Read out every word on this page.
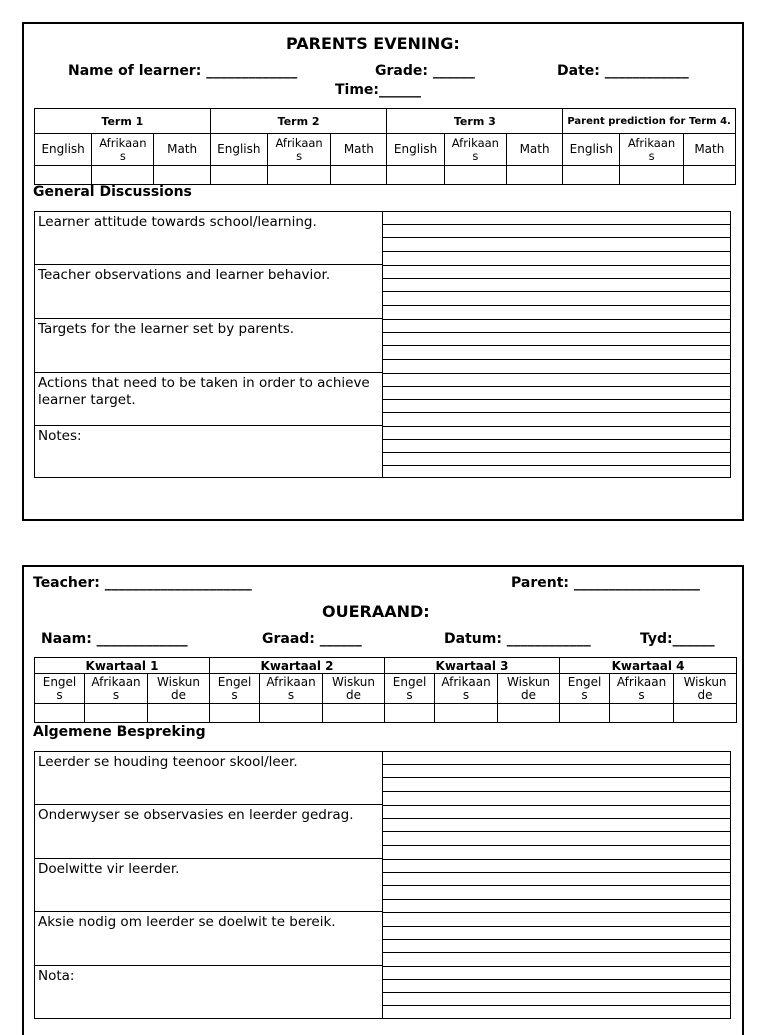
PARENTS EVENING:
Name of learner: _____________	Grade: ______	Date: ____________
Time:______
Term 1			Term 2			Term 3			Parent prediction for Term 4.		
English	Afrikaan s	Math	English	Afrikaan s	Math	English	Afrikaan s	Math	English	Afrikaan s	Math

General Discussions
Learner attitude towards school/learning.
Teacher observations and learner behavior.
Targets for the learner set by parents.
Actions that need to be taken in order to achieve learner target.
Notes:
Teacher: _____________________	Parent: __________________
OUERAAND:
Naam: _____________	Graad: ______	Datum: ____________	Tyd:______
Kwartaal 1			Kwartaal 2			Kwartaal 3			Kwartaal 4		
Engel s	Afrikaan s	Wiskun de	Engel s	Afrikaan s	Wiskun de	Engel s	Afrikaan s	Wiskun de	Engel s	Afrikaan s	Wiskun de

Algemene Bespreking
Leerder se houding teenoor skool/leer.
Onderwyser se observasies en leerder gedrag.
Doelwitte vir leerder.
Aksie nodig om leerder se doelwit te bereik.
Nota:
